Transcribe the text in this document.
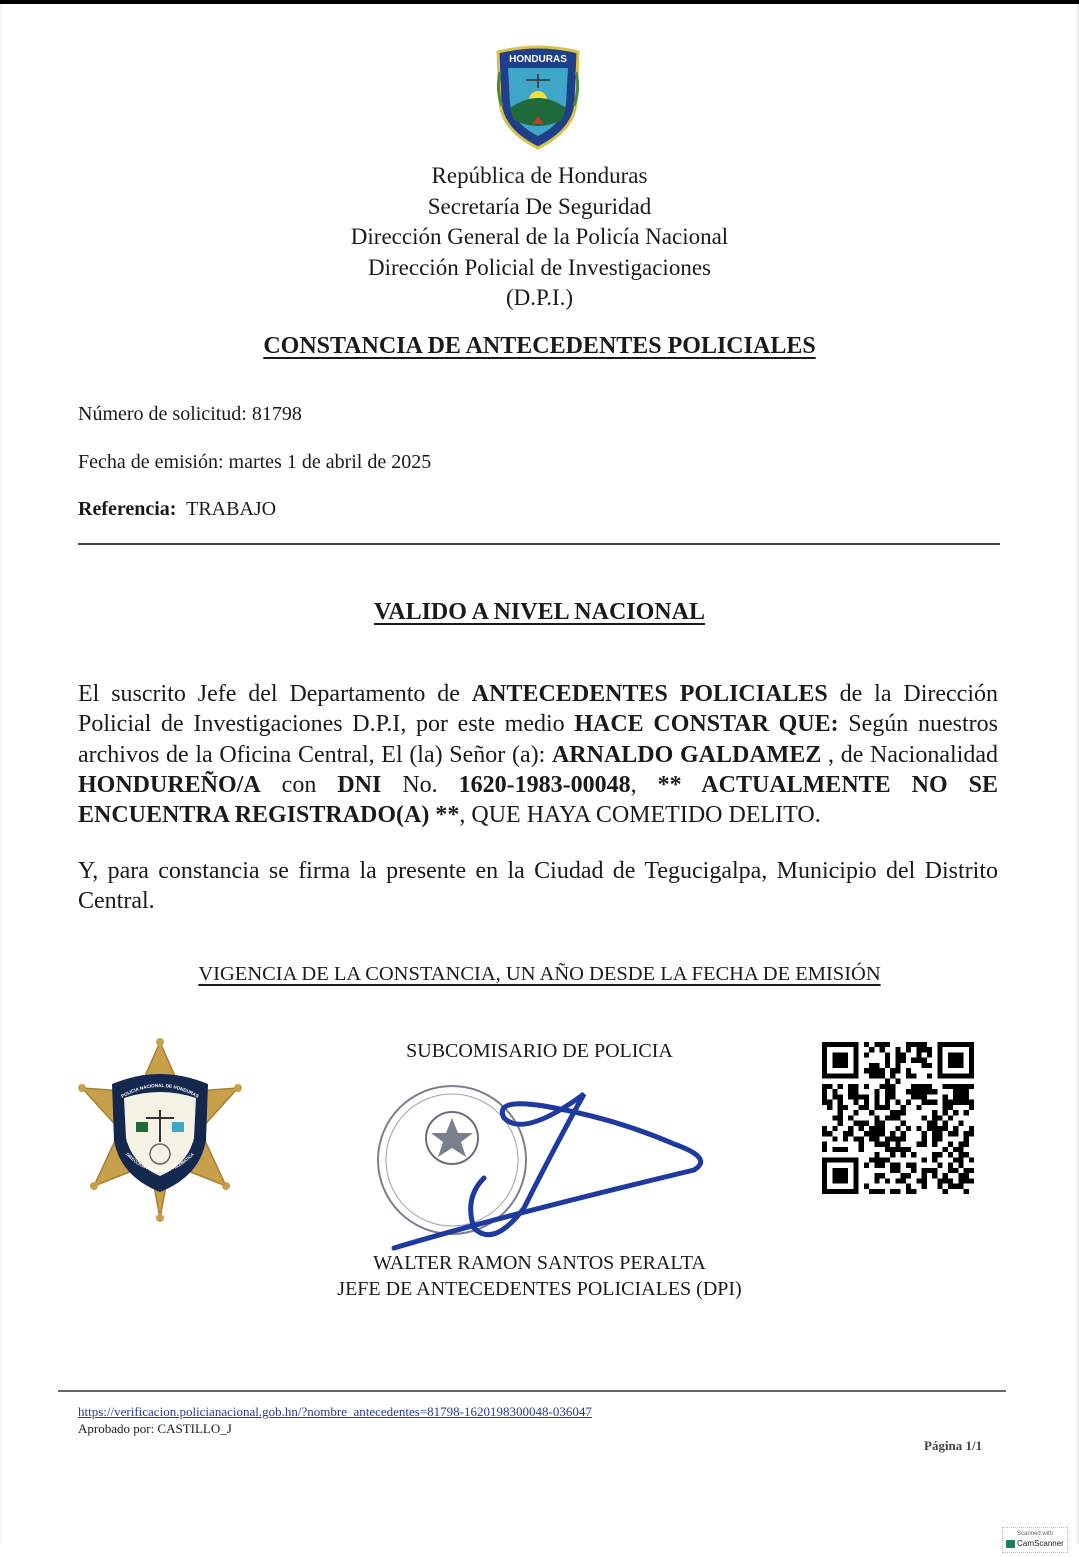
HONDURAS
República de Honduras
Secretaría De Seguridad
Dirección General de la Policía Nacional
Dirección Policial de Investigaciones
(D.P.I.)
CONSTANCIA DE ANTECEDENTES POLICIALES
Número de solicitud: 81798
Fecha de emisión: martes 1 de abril de 2025
Referencia: TRABAJO
VALIDO A NIVEL NACIONAL
El suscrito Jefe del Departamento de ANTECEDENTES POLICIALES de la Dirección Policial de Investigaciones D.P.I, por este medio HACE CONSTAR QUE: Según nuestros archivos de la Oficina Central, El (la) Señor (a): ARNALDO GALDAMEZ , de Nacionalidad HONDUREÑO/A con DNI No. 1620-1983-00048, ** ACTUALMENTE NO SE ENCUENTRA REGISTRADO(A) **, QUE HAYA COMETIDO DELITO.
Y, para constancia se firma la presente en la Ciudad de Tegucigalpa, Municipio del Distrito Central.
VIGENCIA DE LA CONSTANCIA, UN AÑO DESDE LA FECHA DE EMISIÓN
POLICIA NACIONAL DE HONDURAS
DIRECCION POLICIAL DE TELEMATICA
SUBCOMISARIO DE POLICIA
WALTER RAMON SANTOS PERALTA
JEFE DE ANTECEDENTES POLICIALES (DPI)
https://verificacion.policianacional.gob.hn/?nombre_antecedentes=81798-1620198300048-036047
Aprobado por: CASTILLO_J
Página 1/1
Scanned with
CamScanner
